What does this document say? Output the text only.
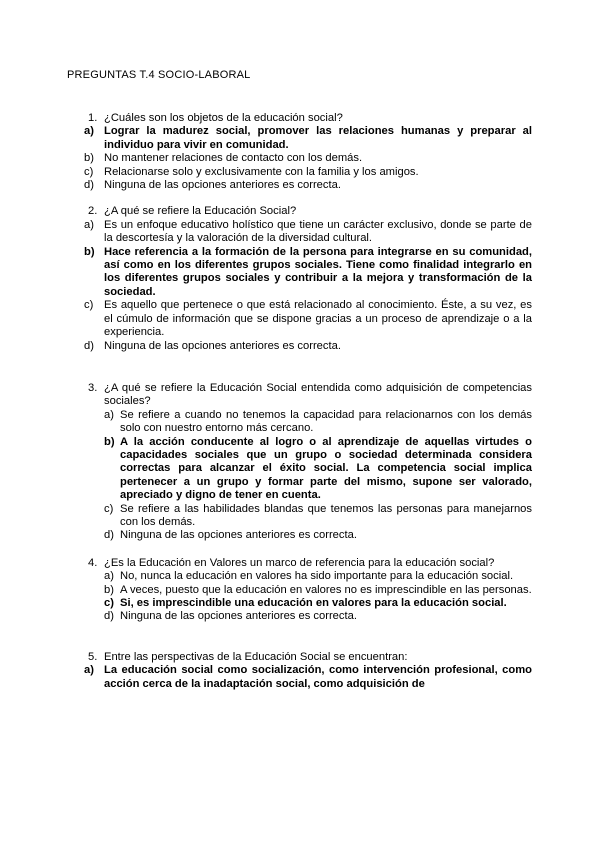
PREGUNTAS T.4 SOCIO-LABORAL
1. ¿Cuáles son los objetos de la educación social?
a) Lograr la madurez social, promover las relaciones humanas y preparar al individuo para vivir en comunidad.
b) No mantener relaciones de contacto con los demás.
c) Relacionarse solo y exclusivamente con la familia y los amigos.
d) Ninguna de las opciones anteriores es correcta.
2. ¿A qué se refiere la Educación Social?
a) Es un enfoque educativo holístico que tiene un carácter exclusivo, donde se parte de la descortesía y la valoración de la diversidad cultural.
b) Hace referencia a la formación de la persona para integrarse en su comunidad, así como en los diferentes grupos sociales. Tiene como finalidad integrarlo en los diferentes grupos sociales y contribuir a la mejora y transformación de la sociedad.
c) Es aquello que pertenece o que está relacionado al conocimiento. Éste, a su vez, es el cúmulo de información que se dispone gracias a un proceso de aprendizaje o a la experiencia.
d) Ninguna de las opciones anteriores es correcta.
3. ¿A qué se refiere la Educación Social entendida como adquisición de competencias sociales?
a) Se refiere a cuando no tenemos la capacidad para relacionarnos con los demás solo con nuestro entorno más cercano.
b) A la acción conducente al logro o al aprendizaje de aquellas virtudes o capacidades sociales que un grupo o sociedad determinada considera correctas para alcanzar el éxito social. La competencia social implica pertenecer a un grupo y formar parte del mismo, supone ser valorado, apreciado y digno de tener en cuenta.
c) Se refiere a las habilidades blandas que tenemos las personas para manejarnos con los demás.
d) Ninguna de las opciones anteriores es correcta.
4. ¿Es la Educación en Valores un marco de referencia para la educación social?
a) No, nunca la educación en valores ha sido importante para la educación social.
b) A veces, puesto que la educación en valores no es imprescindible en las personas.
c) Si, es imprescindible una educación en valores para la educación social.
d) Ninguna de las opciones anteriores es correcta.
5. Entre las perspectivas de la Educación Social se encuentran:
a) La educación social como socialización, como intervención profesional, como acción cerca de la inadaptación social, como adquisición de
